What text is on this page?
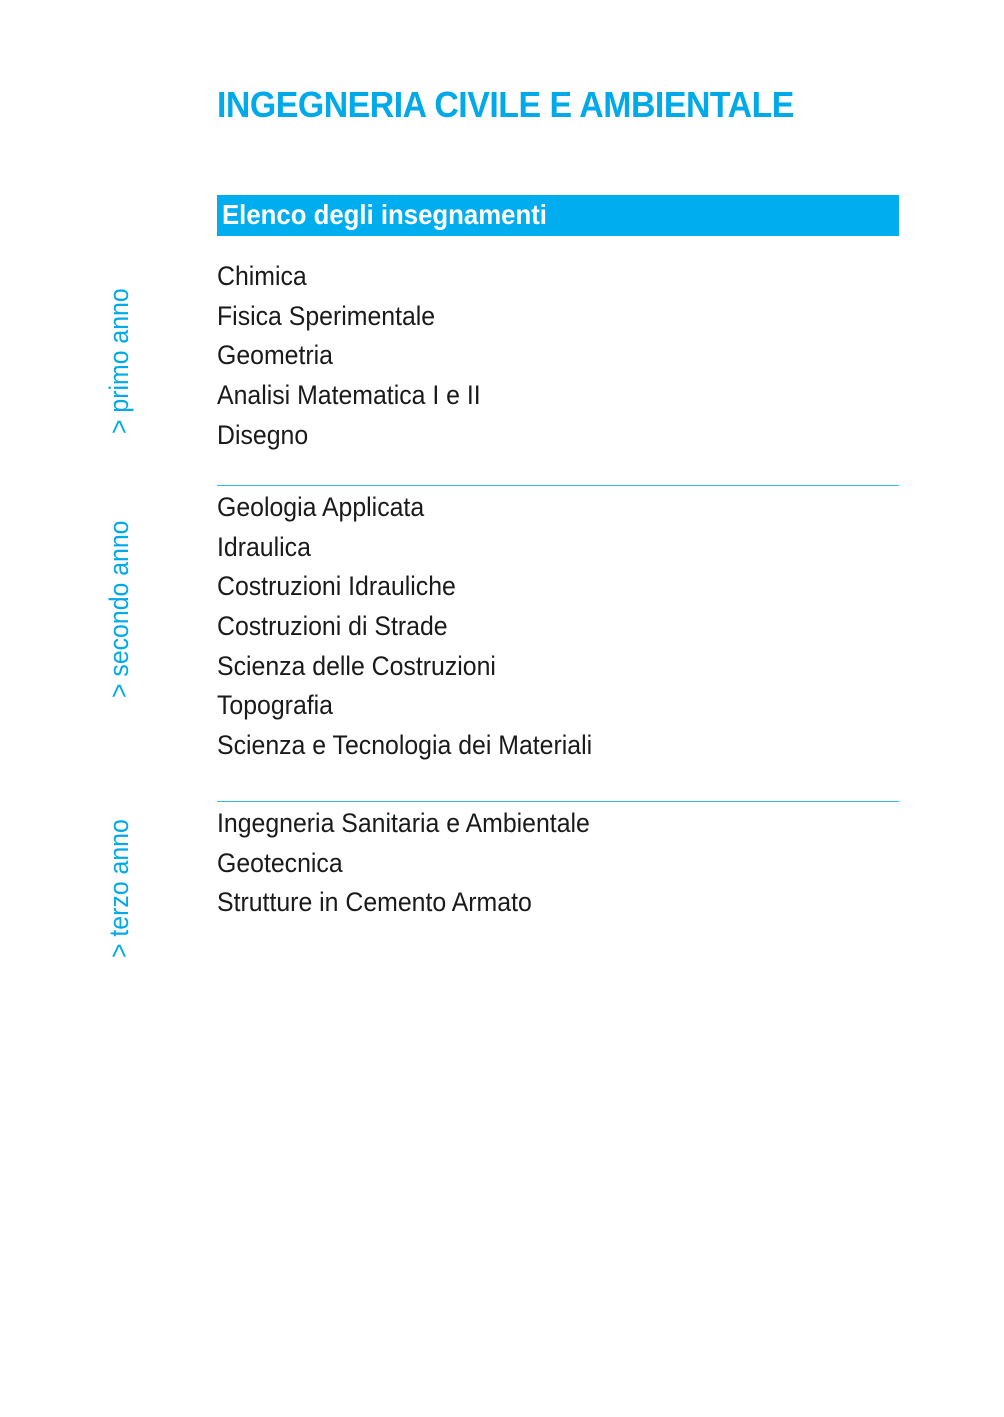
INGEGNERIA CIVILE E AMBIENTALE
Elenco degli insegnamenti
> primo anno
Chimica
Fisica Sperimentale
Geometria
Analisi Matematica I e II
Disegno
> secondo anno
Geologia Applicata
Idraulica
Costruzioni Idrauliche
Costruzioni di Strade
Scienza delle Costruzioni
Topografia
Scienza e Tecnologia dei Materiali
> terzo anno	Ingegneria Sanitaria e Ambientale
Geotecnica
Strutture in Cemento Armato
